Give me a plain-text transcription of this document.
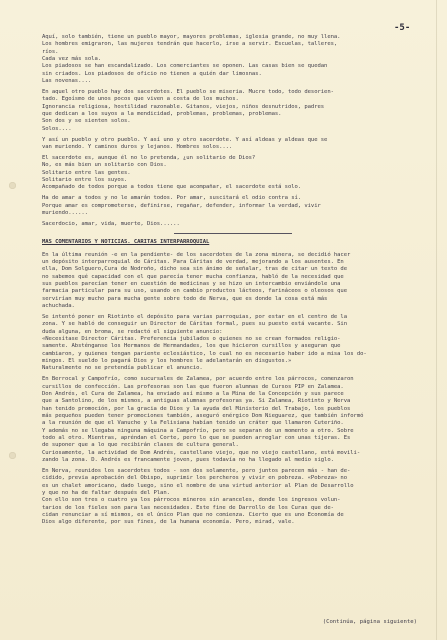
-5-
Aquí, solo también, tiene un pueblo mayor, mayores problemas, iglesia grande, no muy llena.
Los hombres emigraron, las mujeres tendrán que hacerlo, irse a servir. Escuelas, talleres,
ríos.
Cada vez más sola.
Los piadosos se han escandalizado. Los comerciantes se oponen. Las casas bien se quedan
sin criados. Los piadosos de oficio no tienen a quién dar limosnas.
Las novenas....
En aquel otro pueblo hay dos sacerdotes. El pueblo se miseria. Mucre todo, todo desorien-
tado. Egoísmo de unos pocos que viven a costa de los muchos.
Ignorancia religiosa, hostilidad razonable. Gitanos, viejos, niños desnutridos, padres
que dedican a los suyos a la mendicidad, problemas, problemas, problemas.
Son dos y se sienten solos.
Solos....
Y así un pueblo y otro pueblo. Y así uno y otro sacerdote. Y así aldeas y aldeas que se
van muriendo. Y caminos duros y lejanos. Hombres solos....
El sacerdote es, aunque él no lo pretenda, ¿un solitario de Dios?
No, es más bien un solitario con Dios.
Solitario entre las gentes.
Solitario entre los suyos.
Acompañado de todos porque a todos tiene que acompañar, el sacerdote está solo.
Ha de amar a todos y no le amarán todos. Por amar, suscitará el odio contra sí.
Porque amar es comprometerse, definirse, regañar, defender, informar la verdad, vivir
muriendo......
Sacerdocio, amar, vida, muerte, Dios......
MAS COMENTARIOS Y NOTICIAS. CARITAS INTERPARROQUIAL
En la última reunión -e en la pendiente- de los sacerdotes de la zona minera, se decidió hacer
un depósito interparroquial de Cáritas. Para Cáritas de verdad, mejorando a los ausentes. En
ella, Dom Solguero,Cura de Nodroño, dicho sea sin ánimo de señalar, tras de citar un texto de
no sabemos qué capacidad con el que parecía tener mucha confianza, habló de la necesidad que
sus pueblos parecían tener en cuestión de medicinas y se hizo un intercambio enviándole una
farmacia particular para su uso, usando en cambio productos lácteos, farináceos o oleosos que
servirían muy mucho para mucha gente sobre todo de Nerva, que es donde la cosa está más
achuchada.
Se intentó poner en Riotinto el depósito para varias parroquias, por estar en el centro de la
zona. Y se habló de conseguir un Director de Cáritas formal, pues su puesto está vacante. Sin
duda alguna, en broma, se redactó el siguiente anuncio:
«Necesítase Director Cáritas. Preferencia jubilados o quienes no se crean formados religio-
samente. Absténganse los Hermanos de Hermandades, los que hicieron cursillos y aseguran que
cambiaron, y quienes tengan pariente eclesiástico, lo cual no es necesario haber ido a misa los do-
mingos. El sueldo lo pagará Dios y los hombres le adelantarán en disgustos.»
Naturalmente no se pretendía publicar el anuncio.
En Berrocal y Campofrío, como sucursales de Zalamea, por acuerdo entre los párrocos, comenzaron
cursillos de confección. Las profesoras son las que fueron alumnas de Cursos PIP en Zalamea.
Don Andrés, el Cura de Zalamea, ha enviado así mismo a la Mina de la Concepción y sus parece
que a Santolino, de los mismos, a antiguas alumnas profesoras ya. Si Zalamea, Riotinto y Nerva
han tenido promoción, por la gracia de Dios y la ayuda del Ministerio del Trabajo, los pueblos
más pequeños pueden tener promociones también, aseguró enérgico Dom Nieguarez, que también informó
a la reunión de que el Vanuche y la Felisiana habían tenido un cráter que llamaron Cuteriño.
Y además no se llegaba ninguna máquina a Campofrío, pero se separan de un momento a otro. Sobre
todo al otro. Mientras, apréndan el Corte, pero lo que se pueden arreglar con unas tijeras. Es
de suponer que a lo que recibirán clases de cultura general.
Curiosamente, la actividad de Dom Andrés, castellano viejo, que no viejo castellano, está movili-
zando la zona. D. Andrés es francamente joven, pues todavía no ha llegado al medio siglo.
En Nerva, reunidos los sacerdotes todos - son dos solamente, pero juntos parecen más - han de-
cidido, previa aprobación del Obispo, suprimir los percheros y vivir en pobreza. «Pobreza» no
es un chalet amoricano, dado luego, sino el nombre de una virtud anterior al Plan de Desarrollo
y que no ha de faltar después del Plan.
Con ello son tres o cuatro ya los párrocos mineros sin aranceles, donde los ingresos volun-
tarios de los fieles son para las necesidades. Este fine de Darrollo de los Curas que de-
cidan renunciar a sí mismos, es el único Plan que no comienza. Cierto que es uno Economía de
Dios algo diferente, por sus fines, de la humana economía. Pero, mirad, vale.
(Continúa, página siguiente)
